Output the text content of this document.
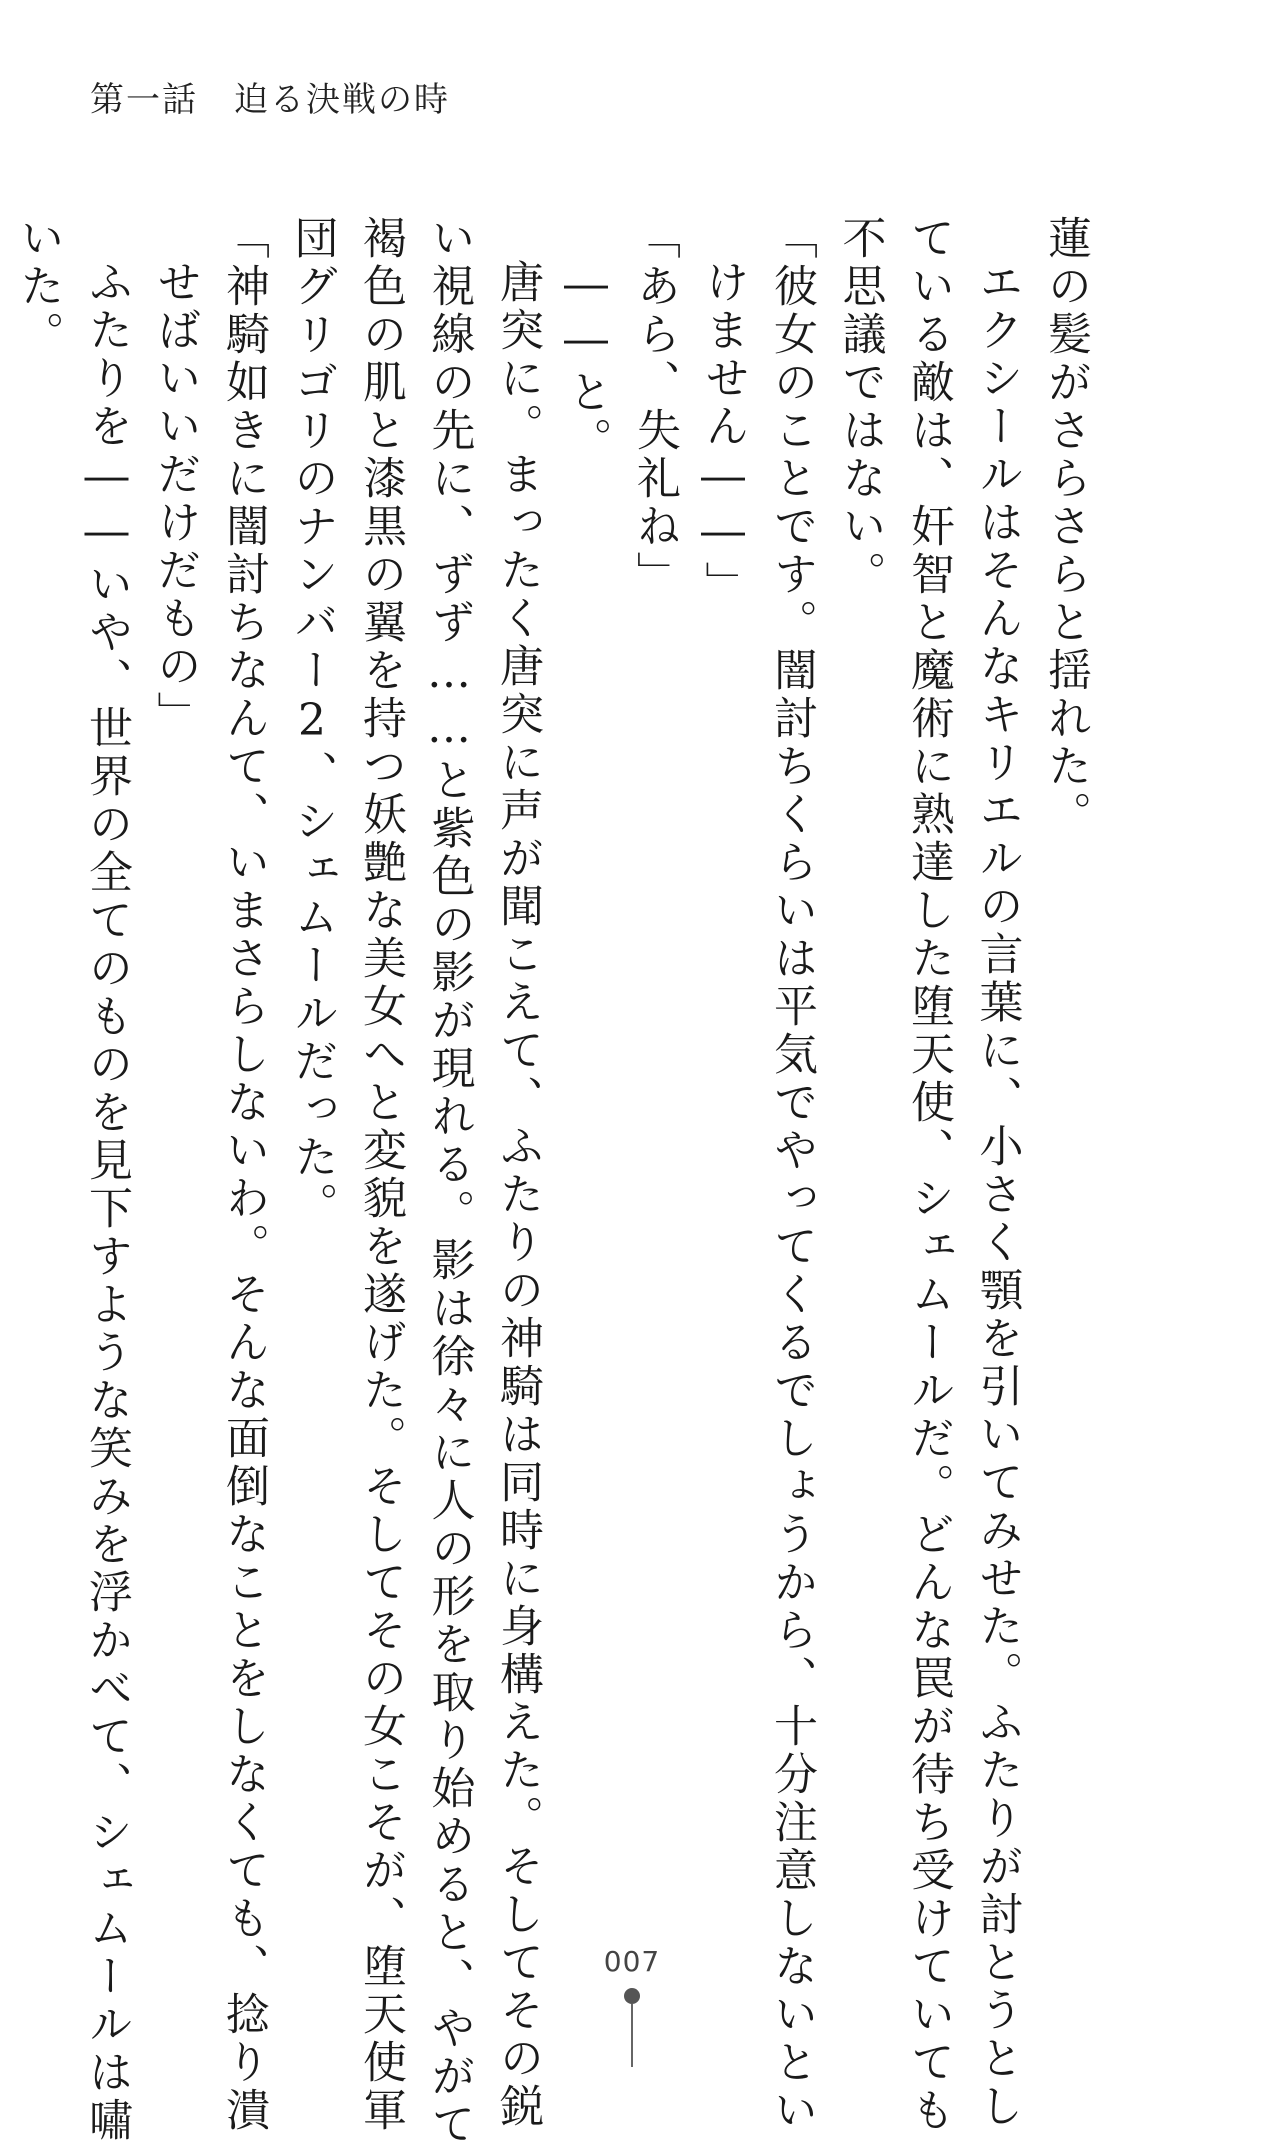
第一話　迫る決戦の時

蓮の髪がさらさらと揺れた。

エクシールはそんなキリエルの言葉に、小さく顎を引いてみせた。ふたりが討とうとし

ている敵は、奸智と魔術に熟達した堕天使、シェムールだ。どんな罠が待ち受けていても

不思議ではない。

「彼女のことです。闇討ちくらいは平気でやってくるでしょうから、十分注意しないとい

けません――」

「あら、失礼ね」

――と。

唐突に。まったく唐突に声が聞こえて、ふたりの神騎は同時に身構えた。そしてその鋭

い視線の先に、ずず……と紫色の影が現れる。影は徐々に人の形を取り始めると、やがて

褐色の肌と漆黒の翼を持つ妖艶な美女へと変貌を遂げた。そしてその女こそが、堕天使軍

団グリゴリのナンバー2、シェムールだった。

「神騎如きに闇討ちなんて、いまさらしないわ。そんな面倒なことをしなくても、捻り潰

せばいいだけだもの」

ふたりを――いや、世界の全てのものを見下すような笑みを浮かべて、シェムールは嘯

いた。

007
